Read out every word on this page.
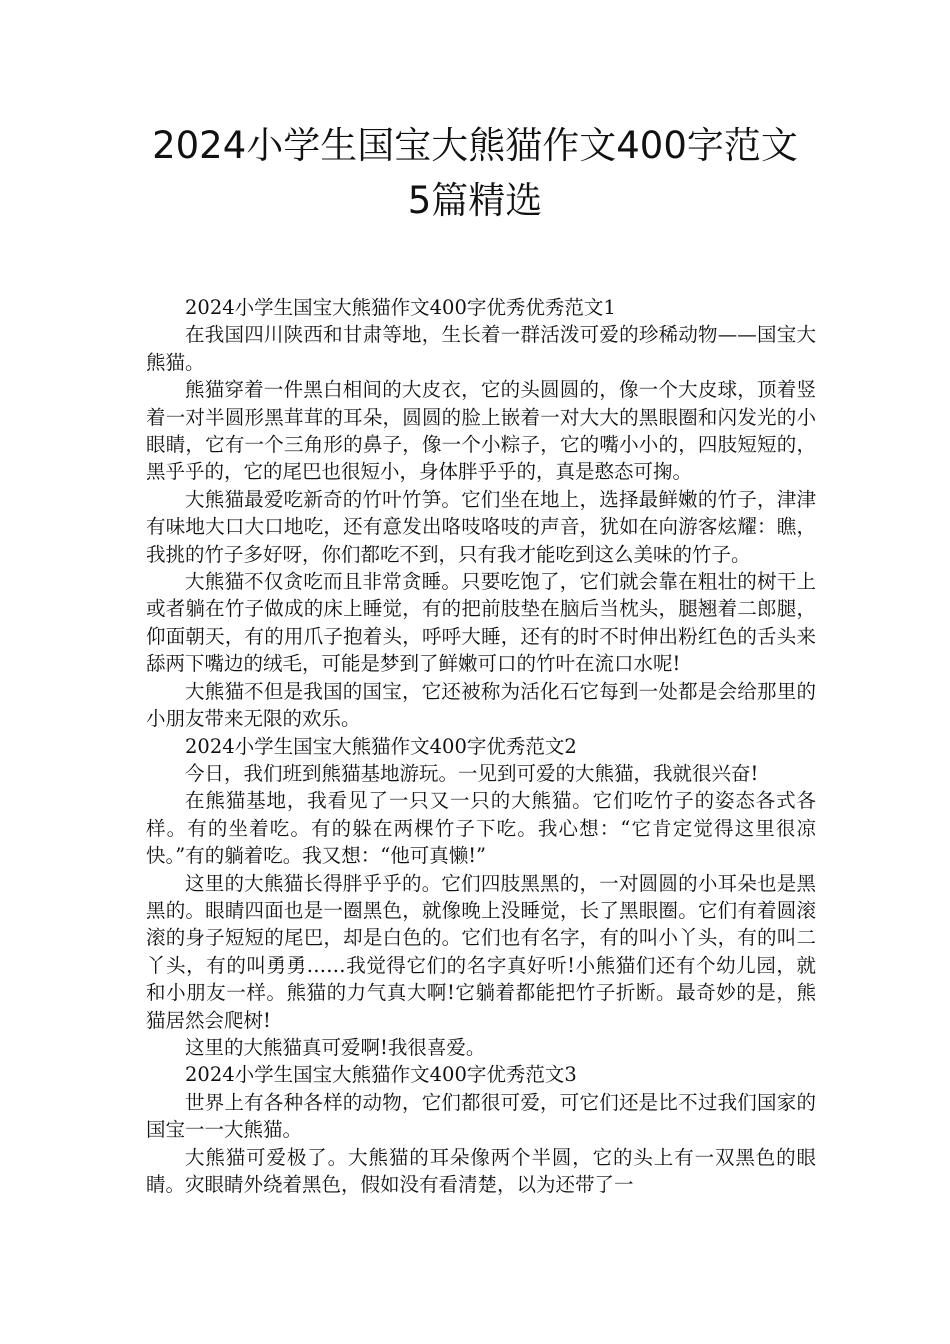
2024小学生国宝大熊猫作文400字范文
5篇精选

2024小学生国宝大熊猫作文400字优秀优秀范文1

在我国四川陕西和甘肃等地，生长着一群活泼可爱的珍稀动物——国宝大熊猫。

熊猫穿着一件黑白相间的大皮衣，它的头圆圆的，像一个大皮球，顶着竖着一对半圆形黑茸茸的耳朵，圆圆的脸上嵌着一对大大的黑眼圈和闪发光的小眼睛，它有一个三角形的鼻子，像一个小粽子，它的嘴小小的，四肢短短的，黑乎乎的，它的尾巴也很短小，身体胖乎乎的，真是憨态可掬。

大熊猫最爱吃新奇的竹叶竹笋。它们坐在地上，选择最鲜嫩的竹子，津津有味地大口大口地吃，还有意发出咯吱咯吱的声音，犹如在向游客炫耀：瞧，我挑的竹子多好呀，你们都吃不到，只有我才能吃到这么美味的竹子。

大熊猫不仅贪吃而且非常贪睡。只要吃饱了，它们就会靠在粗壮的树干上或者躺在竹子做成的床上睡觉，有的把前肢垫在脑后当枕头，腿翘着二郎腿，仰面朝天，有的用爪子抱着头，呼呼大睡，还有的时不时伸出粉红色的舌头来舔两下嘴边的绒毛，可能是梦到了鲜嫩可口的竹叶在流口水呢!

大熊猫不但是我国的国宝，它还被称为活化石它每到一处都是会给那里的小朋友带来无限的欢乐。

2024小学生国宝大熊猫作文400字优秀范文2

今日，我们班到熊猫基地游玩。一见到可爱的大熊猫，我就很兴奋!

在熊猫基地，我看见了一只又一只的大熊猫。它们吃竹子的姿态各式各样。有的坐着吃。有的躲在两棵竹子下吃。我心想：“它肯定觉得这里很凉快。”有的躺着吃。我又想：“他可真懒!”

这里的大熊猫长得胖乎乎的。它们四肢黑黑的，一对圆圆的小耳朵也是黑黑的。眼睛四面也是一圈黑色，就像晚上没睡觉，长了黑眼圈。它们有着圆滚滚的身子短短的尾巴，却是白色的。它们也有名字，有的叫小丫头，有的叫二丫头，有的叫勇勇……我觉得它们的名字真好听!小熊猫们还有个幼儿园，就和小朋友一样。熊猫的力气真大啊!它躺着都能把竹子折断。最奇妙的是，熊猫居然会爬树!

这里的大熊猫真可爱啊!我很喜爱。

2024小学生国宝大熊猫作文400字优秀范文3

世界上有各种各样的动物，它们都很可爱，可它们还是比不过我们国家的国宝一一大熊猫。

大熊猫可爱极了。大熊猫的耳朵像两个半圆，它的头上有一双黑色的眼睛。灾眼睛外绕着黑色，假如没有看清楚，以为还带了一
